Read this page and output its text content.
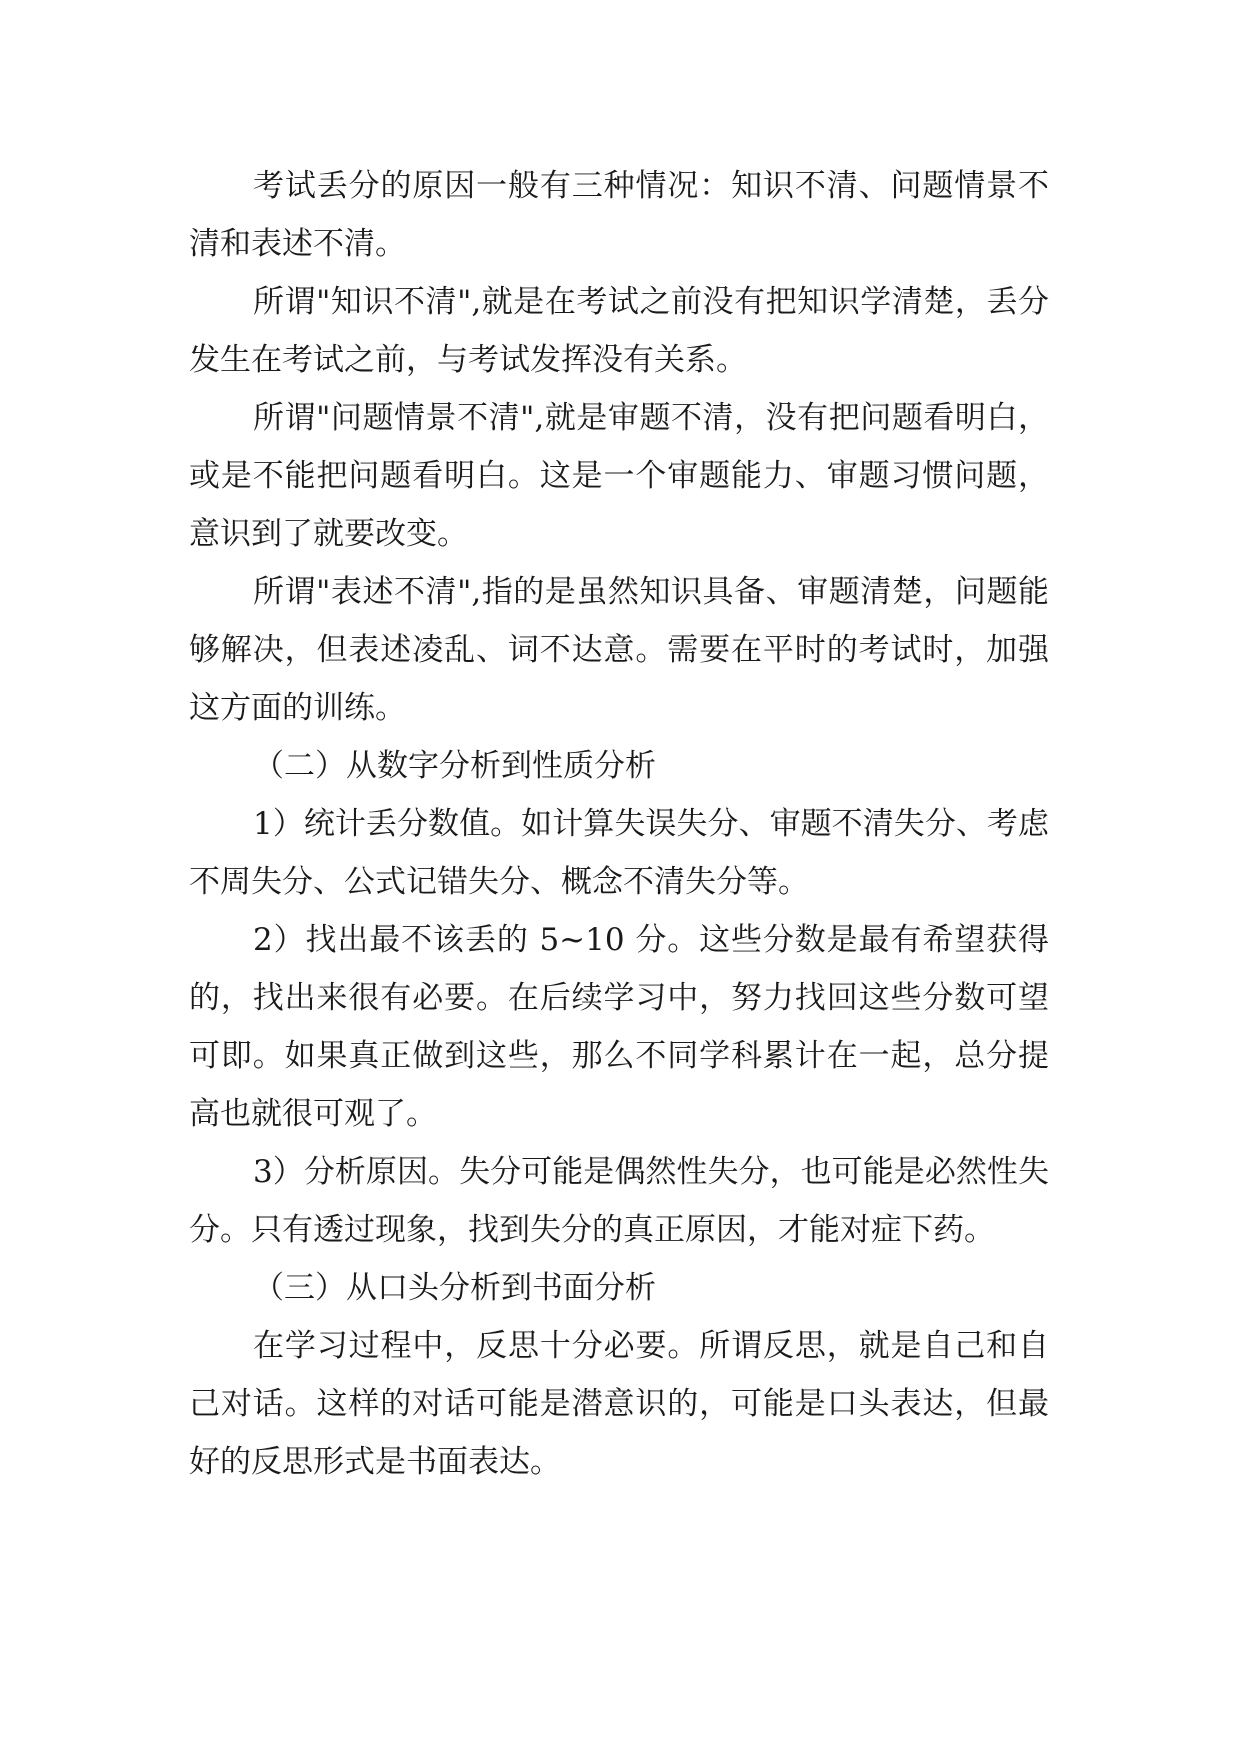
考试丢分的原因一般有三种情况：知识不清、问题情景不清和表述不清。

所谓"知识不清",就是在考试之前没有把知识学清楚，丢分发生在考试之前，与考试发挥没有关系。

所谓"问题情景不清",就是审题不清，没有把问题看明白，或是不能把问题看明白。这是一个审题能力、审题习惯问题，意识到了就要改变。

所谓"表述不清",指的是虽然知识具备、审题清楚，问题能够解决，但表述凌乱、词不达意。需要在平时的考试时，加强这方面的训练。

（二）从数字分析到性质分析

1）统计丢分数值。如计算失误失分、审题不清失分、考虑不周失分、公式记错失分、概念不清失分等。

2）找出最不该丢的 5~10 分。这些分数是最有希望获得的，找出来很有必要。在后续学习中，努力找回这些分数可望可即。如果真正做到这些，那么不同学科累计在一起，总分提高也就很可观了。

3）分析原因。失分可能是偶然性失分，也可能是必然性失分。只有透过现象，找到失分的真正原因，才能对症下药。

（三）从口头分析到书面分析

在学习过程中，反思十分必要。所谓反思，就是自己和自己对话。这样的对话可能是潜意识的，可能是口头表达，但最好的反思形式是书面表达。
